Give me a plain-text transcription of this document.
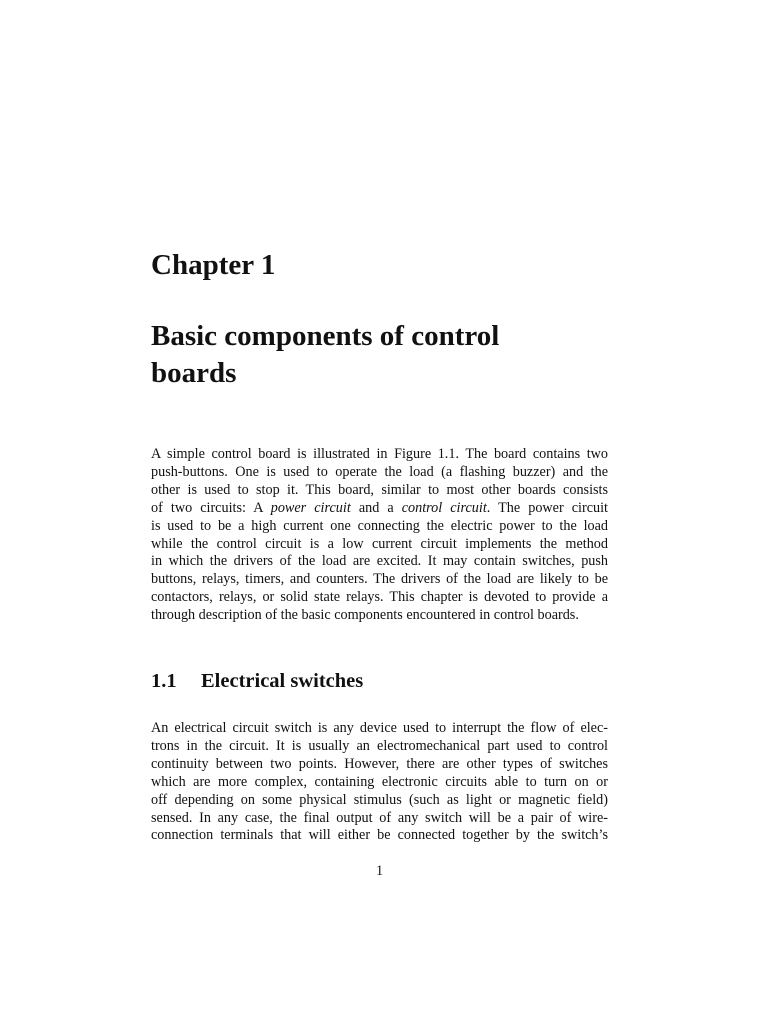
Chapter 1
Basic components of control
boards

A simple control board is illustrated in Figure 1.1. The board contains two
push-buttons. One is used to operate the load (a flashing buzzer) and the
other is used to stop it. This board, similar to most other boards consists
of two circuits: A power circuit and a control circuit. The power circuit
is used to be a high current one connecting the electric power to the load
while the control circuit is a low current circuit implements the method
in which the drivers of the load are excited. It may contain switches, push
buttons, relays, timers, and counters. The drivers of the load are likely to be
contactors, relays, or solid state relays. This chapter is devoted to provide a
through description of the basic components encountered in control boards.

1.1 Electrical switches

An electrical circuit switch is any device used to interrupt the flow of elec-
trons in the circuit. It is usually an electromechanical part used to control
continuity between two points. However, there are other types of switches
which are more complex, containing electronic circuits able to turn on or
off depending on some physical stimulus (such as light or magnetic field)
sensed. In any case, the final output of any switch will be a pair of wire-
connection terminals that will either be connected together by the switch’s

1
